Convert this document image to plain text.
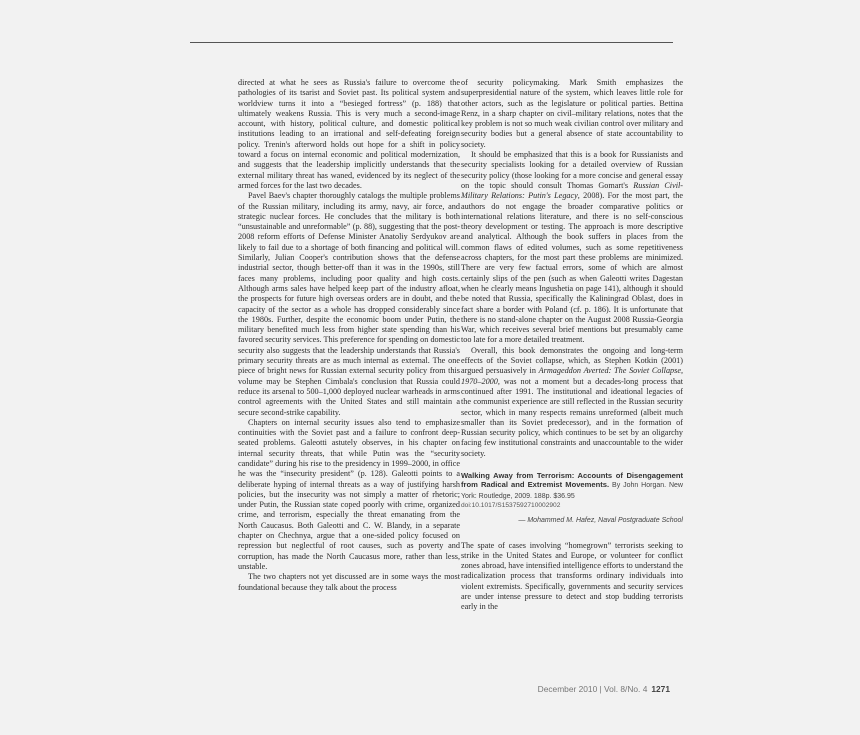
directed at what he sees as Russia's failure to overcome the pathologies of its tsarist and Soviet past. Its political system and worldview turns it into a “besieged fortress” (p. 188) that ultimately weakens Russia. This is very much a second-image account, with history, political culture, and domestic political institutions leading to an irrational and self-defeating foreign policy. Trenin's afterword holds out hope for a shift in policy toward a focus on internal economic and political modernization, and suggests that the leadership implicitly understands that the external military threat has waned, evidenced by its neglect of the armed forces for the last two decades.

Pavel Baev's chapter thoroughly catalogs the multiple problems of the Russian military, including its army, navy, air force, and strategic nuclear forces. He concludes that the military is both “unsustainable and unreformable” (p. 88), suggesting that the post-2008 reform efforts of Defense Minister Anatoliy Serdyukov are likely to fail due to a shortage of both financing and political will. Similarly, Julian Cooper's contribution shows that the defense industrial sector, though better-off than it was in the 1990s, still faces many problems, including poor quality and high costs. Although arms sales have helped keep part of the industry afloat, the prospects for future high overseas orders are in doubt, and the capacity of the sector as a whole has dropped considerably since the 1980s. Further, despite the economic boom under Putin, the military benefited much less from higher state spending than his favored security services. This preference for spending on domestic security also suggests that the leadership understands that Russia's primary security threats are as much internal as external. The one piece of bright news for Russian external security policy from this volume may be Stephen Cimbala's conclusion that Russia could reduce its arsenal to 500–1,000 deployed nuclear warheads in arms control agreements with the United States and still maintain a secure second-strike capability.

Chapters on internal security issues also tend to emphasize continuities with the Soviet past and a failure to confront deep-seated problems. Galeotti astutely observes, in his chapter on internal security threats, that while Putin was the “security candidate” during his rise to the presidency in 1999–2000, in office he was the “insecurity president” (p. 128). Galeotti points to a deliberate hyping of internal threats as a way of justifying harsh policies, but the insecurity was not simply a matter of rhetoric; under Putin, the Russian state coped poorly with crime, organized crime, and terrorism, especially the threat emanating from the North Caucasus. Both Galeotti and C. W. Blandy, in a separate chapter on Chechnya, argue that a one-sided policy focused on repression but neglectful of root causes, such as poverty and corruption, has made the North Caucasus more, rather than less, unstable.

The two chapters not yet discussed are in some ways the most foundational because they talk about the process

of security policymaking. Mark Smith emphasizes the superpresidential nature of the system, which leaves little role for other actors, such as the legislature or political parties. Bettina Renz, in a sharp chapter on civil–military relations, notes that the key problem is not so much weak civilian control over military and security bodies but a general absence of state accountability to society.

It should be emphasized that this is a book for Russianists and security specialists looking for a detailed overview of Russian security policy (those looking for a more concise and general essay on the topic should consult Thomas Gomart's Russian Civil-Military Relations: Putin's Legacy, 2008). For the most part, the authors do not engage the broader comparative politics or international relations literature, and there is no self-conscious theory development or testing. The approach is more descriptive and analytical. Although the book suffers in places from the common flaws of edited volumes, such as some repetitiveness across chapters, for the most part these problems are minimized. There are very few factual errors, some of which are almost certainly slips of the pen (such as when Galeotti writes Dagestan when he clearly means Ingushetia on page 141), although it should be noted that Russia, specifically the Kaliningrad Oblast, does in fact share a border with Poland (cf. p. 186). It is unfortunate that there is no stand-alone chapter on the August 2008 Russia-Georgia War, which receives several brief mentions but presumably came too late for a more detailed treatment.

Overall, this book demonstrates the ongoing and long-term effects of the Soviet collapse, which, as Stephen Kotkin (2001) argued persuasively in Armageddon Averted: The Soviet Collapse, 1970–2000, was not a moment but a decades-long process that continued after 1991. The institutional and ideational legacies of the communist experience are still reflected in the Russian security sector, which in many respects remains unreformed (albeit much smaller than its Soviet predecessor), and in the formation of Russian security policy, which continues to be set by an oligarchy facing few institutional constraints and unaccountable to the wider society.

Walking Away from Terrorism: Accounts of Disengagement from Radical and Extremist Movements. By John Horgan. New York: Routledge, 2009. 188p. $36.95
doi:10.1017/S1537592710002902
— Mohammed M. Hafez, Naval Postgraduate School

The spate of cases involving “homegrown” terrorists seeking to strike in the United States and Europe, or volunteer for conflict zones abroad, have intensified intelligence efforts to understand the radicalization process that transforms ordinary individuals into violent extremists. Specifically, governments and security services are under intense pressure to detect and stop budding terrorists early in the

December 2010 | Vol. 8/No. 4 1271
